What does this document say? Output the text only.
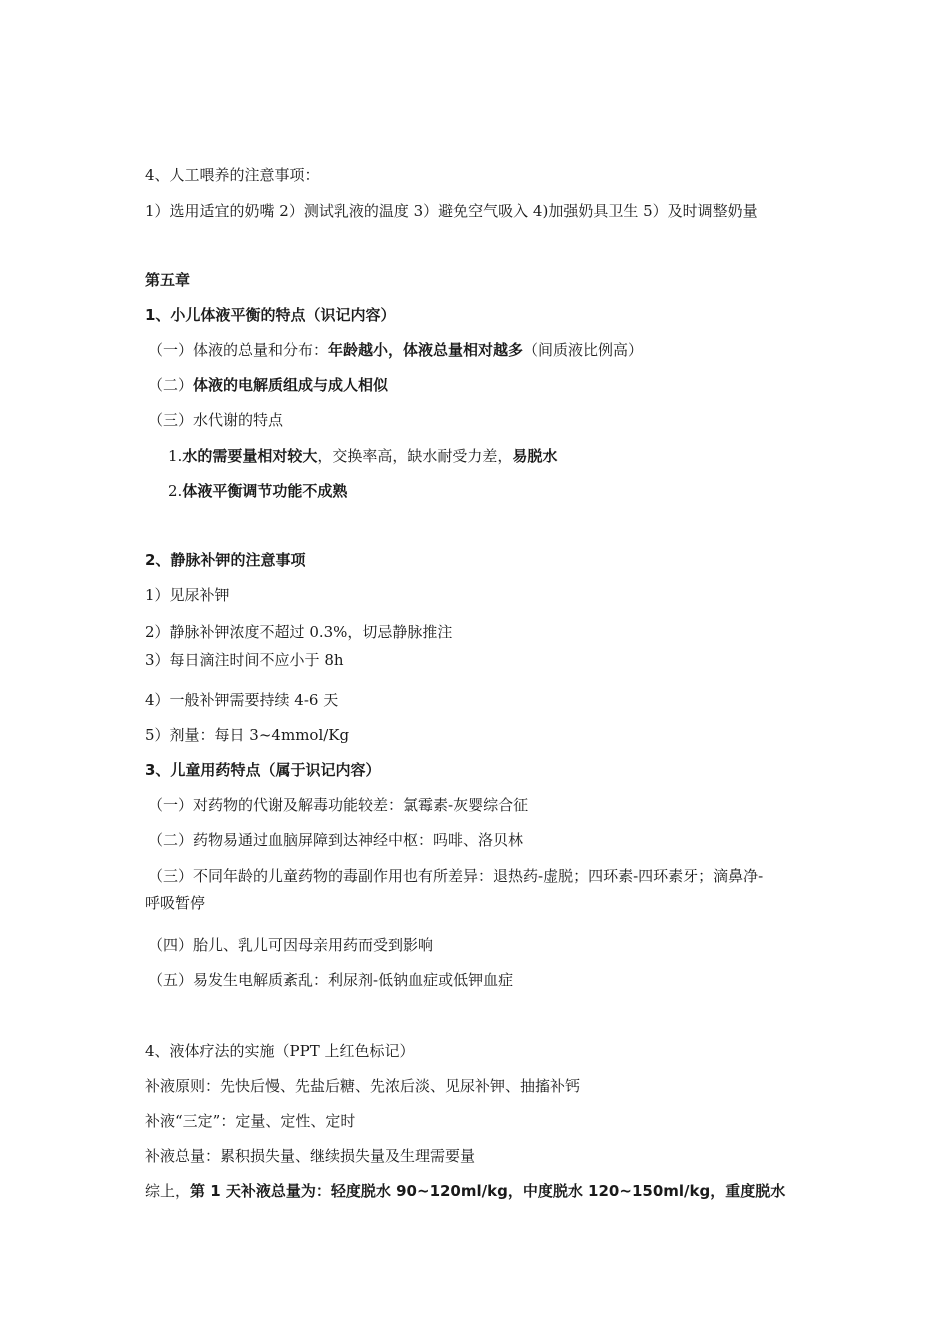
4、人工喂养的注意事项：
1）选用适宜的奶嘴 2）测试乳液的温度 3）避免空气吸入 4)加强奶具卫生 5）及时调整奶量
第五章
1、小儿体液平衡的特点（识记内容）
（一）体液的总量和分布：年龄越小，体液总量相对越多（间质液比例高）
（二）体液的电解质组成与成人相似
（三）水代谢的特点
1.水的需要量相对较大，交换率高，缺水耐受力差，易脱水
2.体液平衡调节功能不成熟
2、静脉补钾的注意事项
1）见尿补钾
2）静脉补钾浓度不超过 0.3%，切忌静脉推注
3）每日滴注时间不应小于 8h
4）一般补钾需要持续 4-6 天
5）剂量：每日 3~4mmol/Kg
3、儿童用药特点（属于识记内容）
（一）对药物的代谢及解毒功能较差：氯霉素-灰婴综合征
（二）药物易通过血脑屏障到达神经中枢：吗啡、洛贝林
（三）不同年龄的儿童药物的毒副作用也有所差异：退热药-虚脱；四环素-四环素牙；滴鼻净-
呼吸暂停
（四）胎儿、乳儿可因母亲用药而受到影响
（五）易发生电解质紊乱：利尿剂-低钠血症或低钾血症
4、液体疗法的实施（PPT 上红色标记）
补液原则：先快后慢、先盐后糖、先浓后淡、见尿补钾、抽搐补钙
补液“三定”：定量、定性、定时
补液总量：累积损失量、继续损失量及生理需要量
综上，第 1 天补液总量为：轻度脱水 90~120ml/kg，中度脱水 120~150ml/kg，重度脱水
